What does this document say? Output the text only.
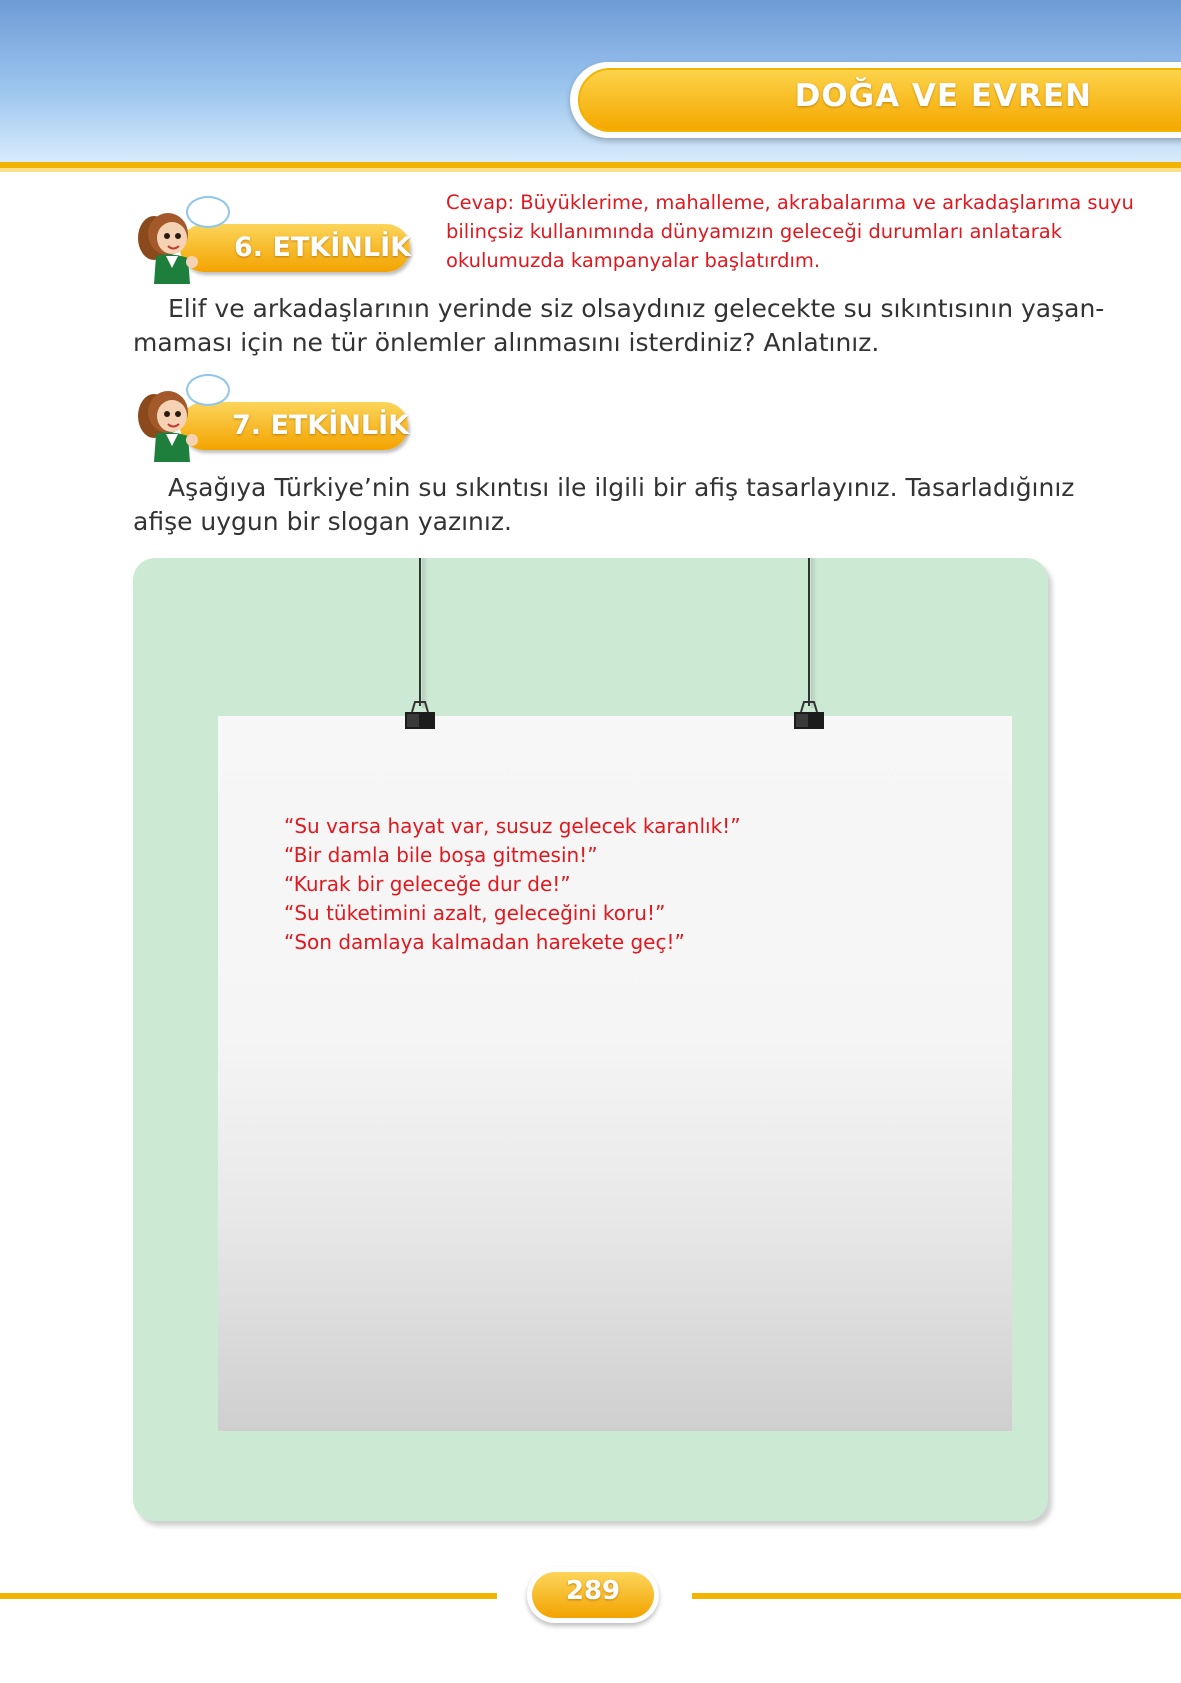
DOĞA VE EVREN
6. ETKİNLİK
Cevap: Büyüklerime, mahalleme, akrabalarıma ve arkadaşlarıma suyu
bilinçsiz kullanımında dünyamızın geleceği durumları anlatarak
okulumuzda kampanyalar başlatırdım.
Elif ve arkadaşlarının yerinde siz olsaydınız gelecekte su sıkıntısının yaşan-
maması için ne tür önlemler alınmasını isterdiniz? Anlatınız.
7. ETKİNLİK
Aşağıya Türkiye’nin su sıkıntısı ile ilgili bir afiş tasarlayınız. Tasarladığınız
afişe uygun bir slogan yazınız.
“Su varsa hayat var, susuz gelecek karanlık!”
“Bir damla bile boşa gitmesin!”
“Kurak bir geleceğe dur de!”
“Su tüketimini azalt, geleceğini koru!”
“Son damlaya kalmadan harekete geç!”
289
